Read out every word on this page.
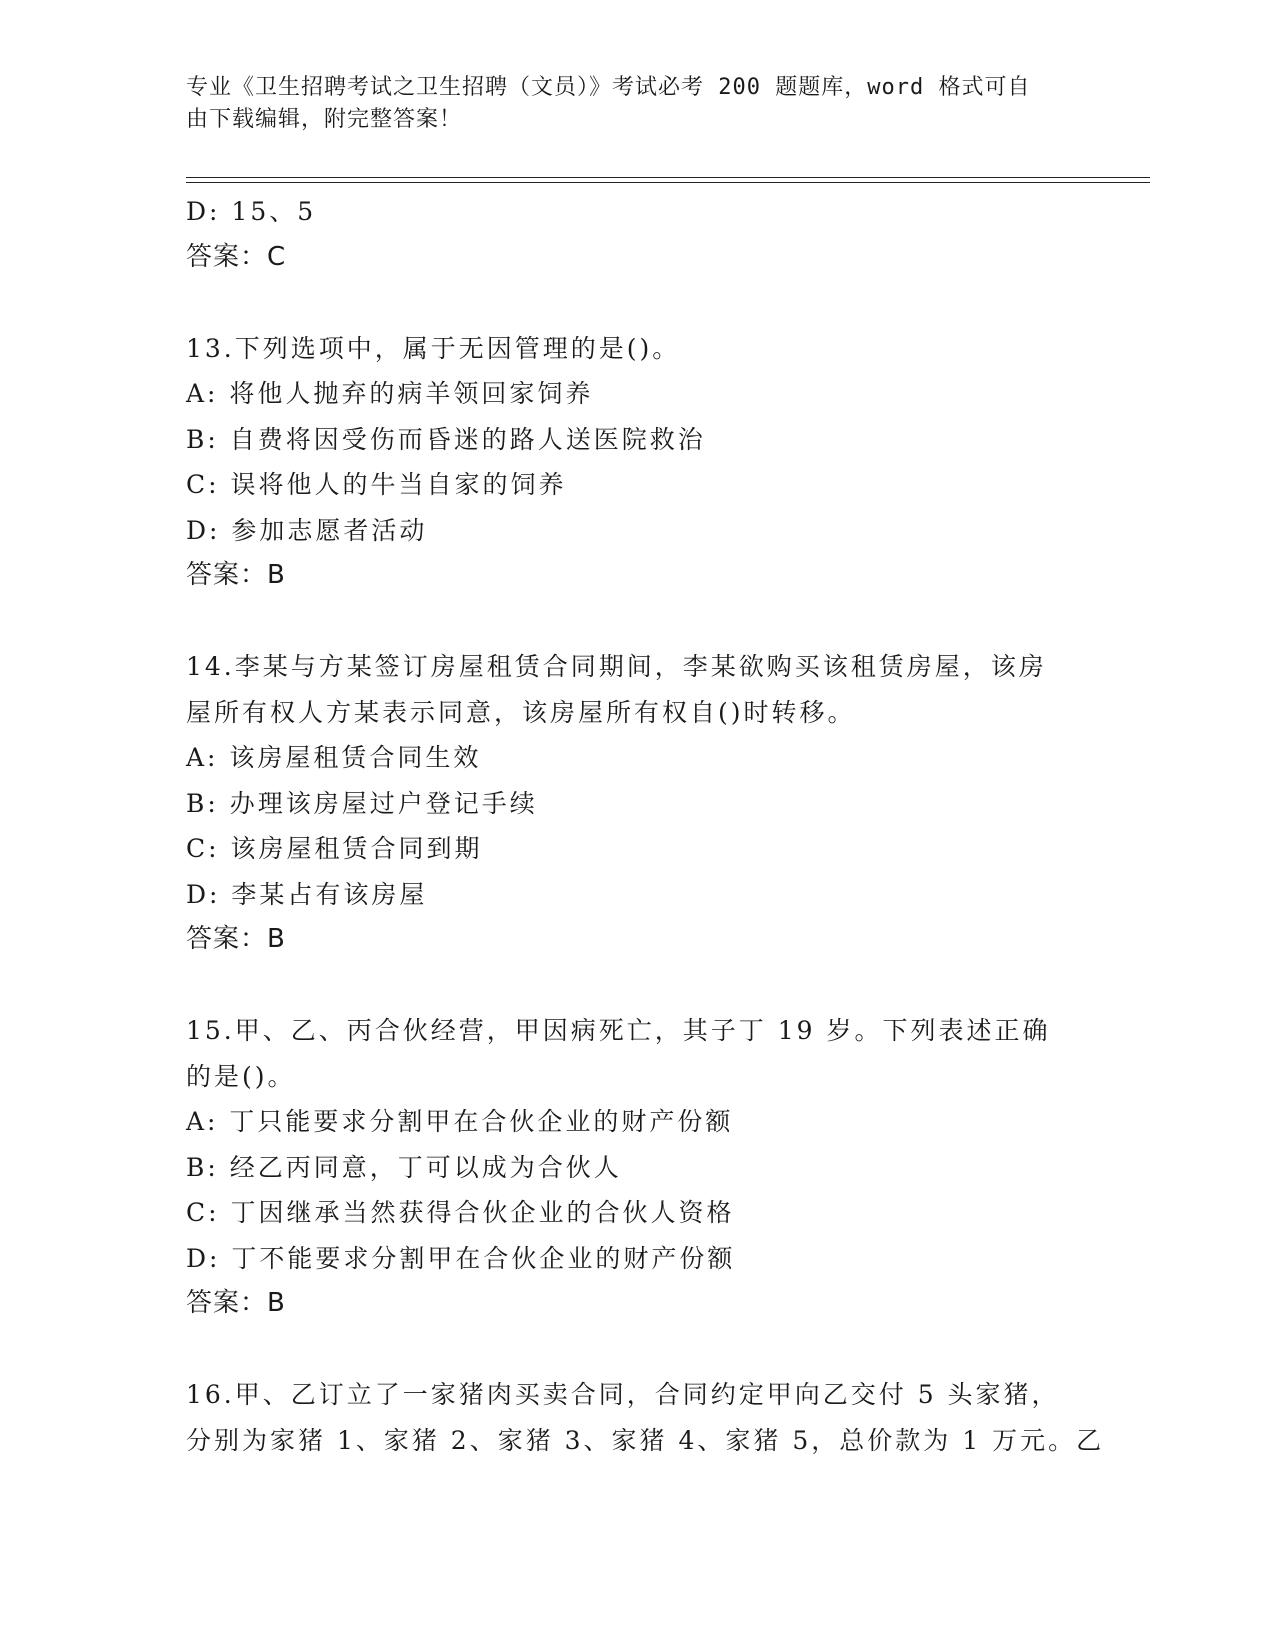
专业《卫生招聘考试之卫生招聘（文员）》考试必考 200 题题库，word 格式可自
由下载编辑，附完整答案！
D: 15、5
答案：C
13.下列选项中，属于无因管理的是()。
A: 将他人抛弃的病羊领回家饲养
B: 自费将因受伤而昏迷的路人送医院救治
C: 误将他人的牛当自家的饲养
D: 参加志愿者活动
答案：B
14.李某与方某签订房屋租赁合同期间，李某欲购买该租赁房屋，该房
屋所有权人方某表示同意，该房屋所有权自()时转移。
A: 该房屋租赁合同生效
B: 办理该房屋过户登记手续
C: 该房屋租赁合同到期
D: 李某占有该房屋
答案：B
15.甲、乙、丙合伙经营，甲因病死亡，其子丁 19 岁。下列表述正确
的是()。
A: 丁只能要求分割甲在合伙企业的财产份额
B: 经乙丙同意，丁可以成为合伙人
C: 丁因继承当然获得合伙企业的合伙人资格
D: 丁不能要求分割甲在合伙企业的财产份额
答案：B
16.甲、乙订立了一家猪肉买卖合同，合同约定甲向乙交付 5 头家猪，
分别为家猪 1、家猪 2、家猪 3、家猪 4、家猪 5，总价款为 1 万元。乙
